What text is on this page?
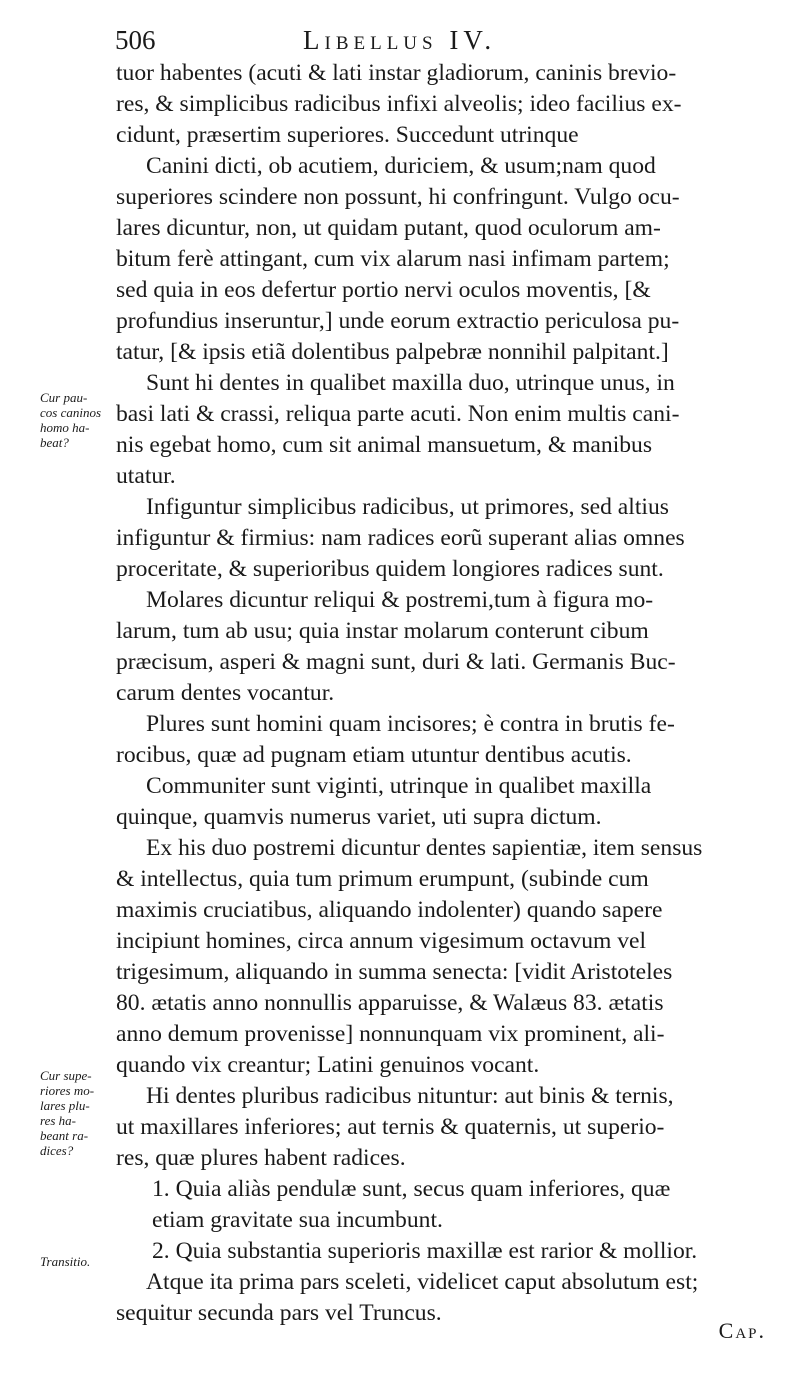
506	Libellus IV.
tuor habentes (acuti & lati instar gladiorum, caninis brevio-
res, & simplicibus radicibus infixi alveolis; ideo facilius ex-
cidunt, præsertim superiores. Succedunt utrinque
Canini dicti, ob acutiem, duriciem, & usum;nam quod
superiores scindere non possunt, hi confringunt. Vulgo ocu-
lares dicuntur, non, ut quidam putant, quod oculorum am-
bitum ferè attingant, cum vix alarum nasi infimam partem;
sed quia in eos defertur portio nervi oculos moventis, [&
profundius inseruntur,] unde eorum extractio periculosa pu-
tatur, [& ipsis etiã dolentibus palpebræ nonnihil palpitant.]
Sunt hi dentes in qualibet maxilla duo, utrinque unus, in
basi lati & crassi, reliqua parte acuti. Non enim multis cani-
nis egebat homo, cum sit animal mansuetum, & manibus
utatur.
Infiguntur simplicibus radicibus, ut primores, sed altius
infiguntur & firmius: nam radices eorũ superant alias omnes
proceritate, & superioribus quidem longiores radices sunt.
Molares dicuntur reliqui & postremi,tum à figura mo-
larum, tum ab usu; quia instar molarum conterunt cibum
præcisum, asperi & magni sunt, duri & lati. Germanis Buc-
carum dentes vocantur.
Plures sunt homini quam incisores; è contra in brutis fe-
rocibus, quæ ad pugnam etiam utuntur dentibus acutis.
Communiter sunt viginti, utrinque in qualibet maxilla
quinque, quamvis numerus variet, uti supra dictum.
Ex his duo postremi dicuntur dentes sapientiæ, item sensus
& intellectus, quia tum primum erumpunt, (subinde cum
maximis cruciatibus, aliquando indolenter) quando sapere
incipiunt homines, circa annum vigesimum octavum vel
trigesimum, aliquando in summa senecta: [vidit Aristoteles
80. ætatis anno nonnullis apparuisse, & Walæus 83. ætatis
anno demum provenisse] nonnunquam vix prominent, ali-
quando vix creantur; Latini genuinos vocant.
Hi dentes pluribus radicibus nituntur: aut binis & ternis,
ut maxillares inferiores; aut ternis & quaternis, ut superio-
res, quæ plures habent radices.
1. Quia aliàs pendulæ sunt, secus quam inferiores, quæ
etiam gravitate sua incumbunt.
2. Quia substantia superioris maxillæ est rarior & mollior.
Atque ita prima pars sceleti, videlicet caput absolutum est;
sequitur secunda pars vel Truncus.
Cur pau-
cos caninos
homo ha-
beat?
Cur supe-
riores mo-
lares plu-
res ha-
beant ra-
dices?
Transitio.
Cap.
